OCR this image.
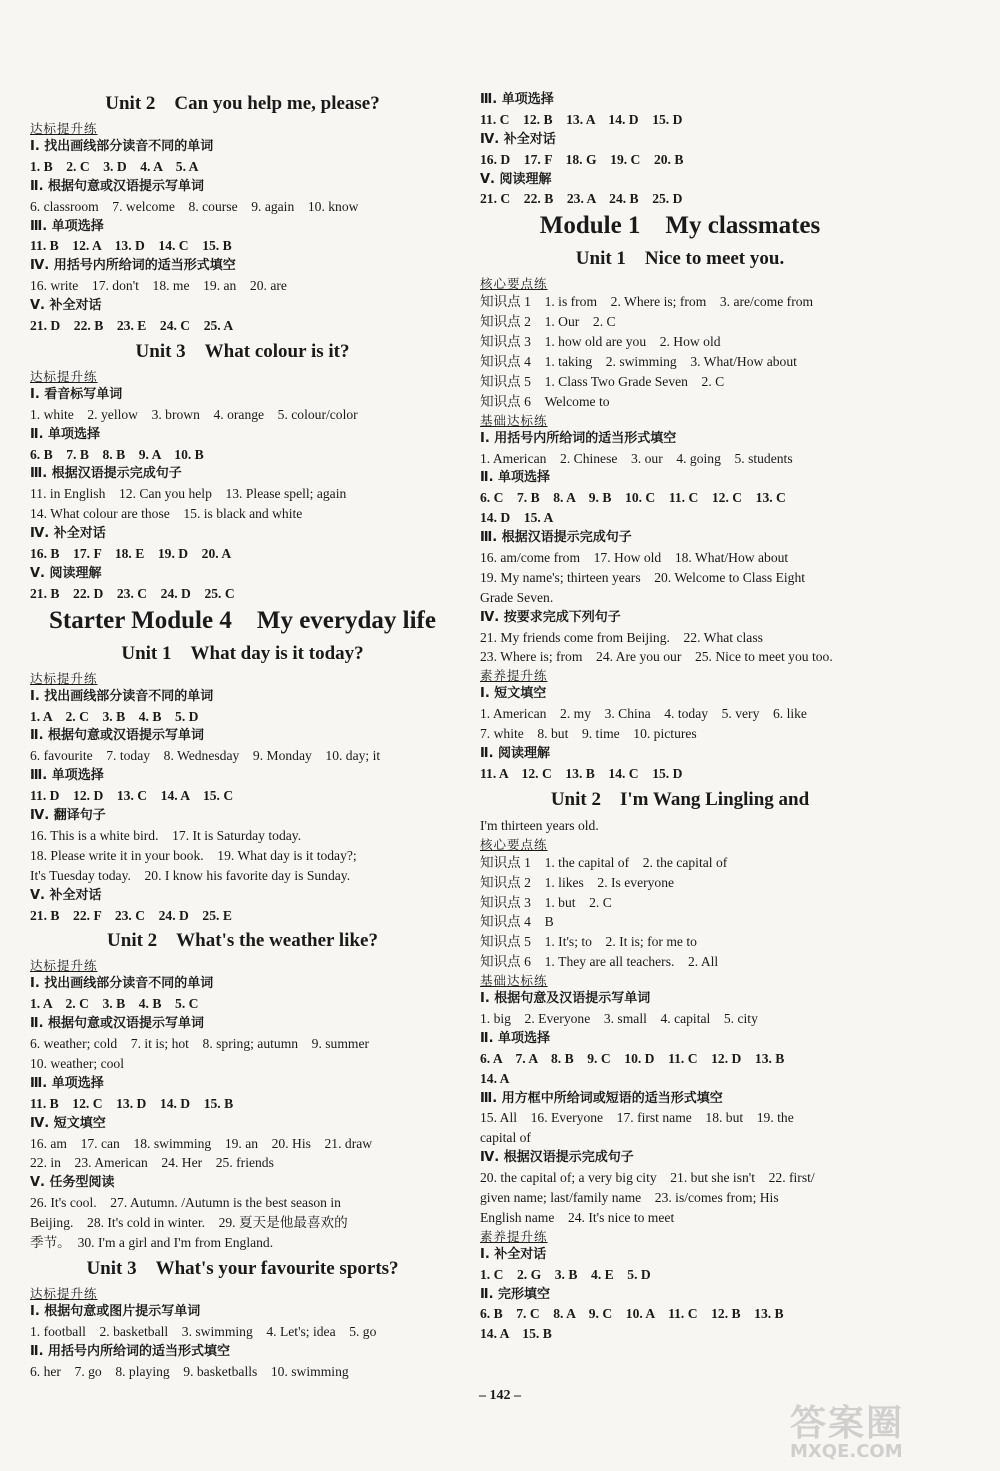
Unit 2　Can you help me, please?
达标提升练
Ⅰ. 找出画线部分读音不同的单词
1. B　2. C　3. D　4. A　5. A
Ⅱ. 根据句意或汉语提示写单词
6. classroom　7. welcome　8. course　9. again　10. know
Ⅲ. 单项选择
11. B　12. A　13. D　14. C　15. B
Ⅳ. 用括号内所给词的适当形式填空
16. write　17. don't　18. me　19. an　20. are
Ⅴ. 补全对话
21. D　22. B　23. E　24. C　25. A
Unit 3　What colour is it?
达标提升练
Ⅰ. 看音标写单词
1. white　2. yellow　3. brown　4. orange　5. colour/color
Ⅱ. 单项选择
6. B　7. B　8. B　9. A　10. B
Ⅲ. 根据汉语提示完成句子
11. in English　12. Can you help　13. Please spell; again
14. What colour are those　15. is black and white
Ⅳ. 补全对话
16. B　17. F　18. E　19. D　20. A
Ⅴ. 阅读理解
21. B　22. D　23. C　24. D　25. C
Starter Module 4　My everyday life
Unit 1　What day is it today?
达标提升练
Ⅰ. 找出画线部分读音不同的单词
1. A　2. C　3. B　4. B　5. D
Ⅱ. 根据句意或汉语提示写单词
6. favourite　7. today　8. Wednesday　9. Monday　10. day; it
Ⅲ. 单项选择
11. D　12. D　13. C　14. A　15. C
Ⅳ. 翻译句子
16. This is a white bird.　17. It is Saturday today.
18. Please write it in your book.　19. What day is it today?;
It's Tuesday today.　20. I know his favorite day is Sunday.
Ⅴ. 补全对话
21. B　22. F　23. C　24. D　25. E
Unit 2　What's the weather like?
达标提升练
Ⅰ. 找出画线部分读音不同的单词
1. A　2. C　3. B　4. B　5. C
Ⅱ. 根据句意或汉语提示写单词
6. weather; cold　7. it is; hot　8. spring; autumn　9. summer
10. weather; cool
Ⅲ. 单项选择
11. B　12. C　13. D　14. D　15. B
Ⅳ. 短文填空
16. am　17. can　18. swimming　19. an　20. His　21. draw
22. in　23. American　24. Her　25. friends
Ⅴ. 任务型阅读
26. It's cool.　27. Autumn. /Autumn is the best season in
Beijing.　28. It's cold in winter.　29. 夏天是他最喜欢的
季节。　30. I'm a girl and I'm from England.
Unit 3　What's your favourite sports?
达标提升练
Ⅰ. 根据句意或图片提示写单词
1. football　2. basketball　3. swimming　4. Let's; idea　5. go
Ⅱ. 用括号内所给词的适当形式填空
6. her　7. go　8. playing　9. basketballs　10. swimming
Ⅲ. 单项选择
11. C　12. B　13. A　14. D　15. D
Ⅳ. 补全对话
16. D　17. F　18. G　19. C　20. B
Ⅴ. 阅读理解
21. C　22. B　23. A　24. B　25. D
Module 1　My classmates
Unit 1　Nice to meet you.
核心要点练
知识点 1　1. is from　2. Where is; from　3. are/come from
知识点 2　1. Our　2. C
知识点 3　1. how old are you　2. How old
知识点 4　1. taking　2. swimming　3. What/How about
知识点 5　1. Class Two Grade Seven　2. C
知识点 6　Welcome to
基础达标练
Ⅰ. 用括号内所给词的适当形式填空
1. American　2. Chinese　3. our　4. going　5. students
Ⅱ. 单项选择
6. C　7. B　8. A　9. B　10. C　11. C　12. C　13. C
14. D　15. A
Ⅲ. 根据汉语提示完成句子
16. am/come from　17. How old　18. What/How about
19. My name's; thirteen years　20. Welcome to Class Eight
Grade Seven.
Ⅳ. 按要求完成下列句子
21. My friends come from Beijing.　22. What class
23. Where is; from　24. Are you our　25. Nice to meet you too.
素养提升练
Ⅰ. 短文填空
1. American　2. my　3. China　4. today　5. very　6. like
7. white　8. but　9. time　10. pictures
Ⅱ. 阅读理解
11. A　12. C　13. B　14. C　15. D
Unit 2　I'm Wang Lingling and
I'm thirteen years old.
核心要点练
知识点 1　1. the capital of　2. the capital of
知识点 2　1. likes　2. Is everyone
知识点 3　1. but　2. C
知识点 4　B
知识点 5　1. It's; to　2. It is; for me to
知识点 6　1. They are all teachers.　2. All
基础达标练
Ⅰ. 根据句意及汉语提示写单词
1. big　2. Everyone　3. small　4. capital　5. city
Ⅱ. 单项选择
6. A　7. A　8. B　9. C　10. D　11. C　12. D　13. B
14. A
Ⅲ. 用方框中所给词或短语的适当形式填空
15. All　16. Everyone　17. first name　18. but　19. the
capital of
Ⅳ. 根据汉语提示完成句子
20. the capital of; a very big city　21. but she isn't　22. first/
given name; last/family name　23. is/comes from; His
English name　24. It's nice to meet
素养提升练
Ⅰ. 补全对话
1. C　2. G　3. B　4. E　5. D
Ⅱ. 完形填空
6. B　7. C　8. A　9. C　10. A　11. C　12. B　13. B
14. A　15. B
– 142 –
答案圈
MXQE.COM
